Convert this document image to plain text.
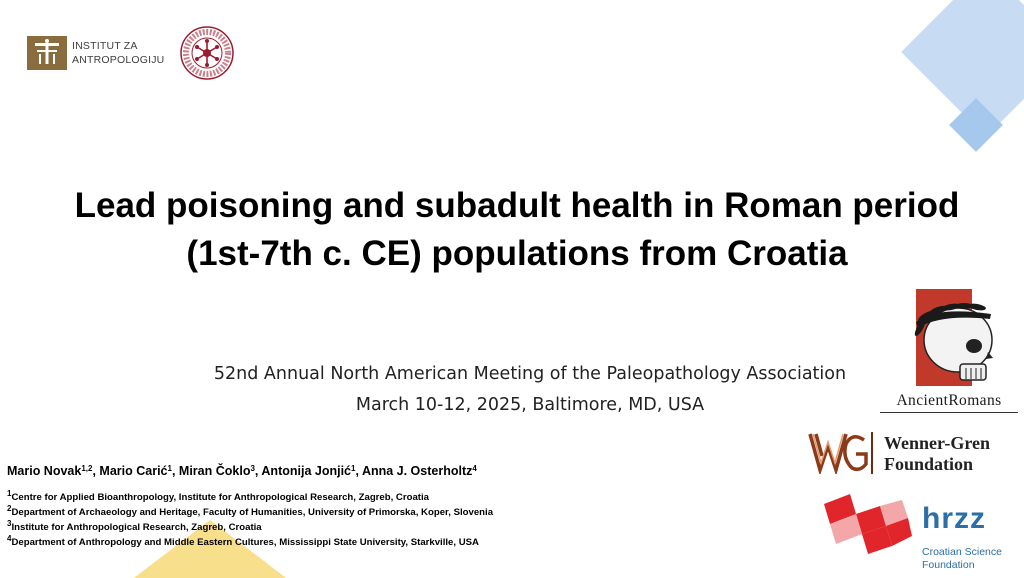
INSTITUT ZA
ANTROPOLOGIJU
Lead poisoning and subadult health in Roman period
(1st-7th c. CE) populations from Croatia
52nd Annual North American Meeting of the Paleopathology Association
March 10-12, 2025, Baltimore, MD, USA
Mario Novak$^{1,2}$, Mario Carić$^1$, Miran Čoklo$^3$, Antonija Jonjić$^1$, Anna J. Osterholtz$^4$
$^1$Centre for Applied Bioanthropology, Institute for Anthropological Research, Zagreb, Croatia
$^2$Department of Archaeology and Heritage, Faculty of Humanities, University of Primorska, Koper, Slovenia
$^3$Institute for Anthropological Research, Zagreb, Croatia
$^4$Department of Anthropology and Middle Eastern Cultures, Mississippi State University, Starkville, USA
AncientRomans
Wenner-Gren
Foundation
hrzz
Croatian Science
Foundation
